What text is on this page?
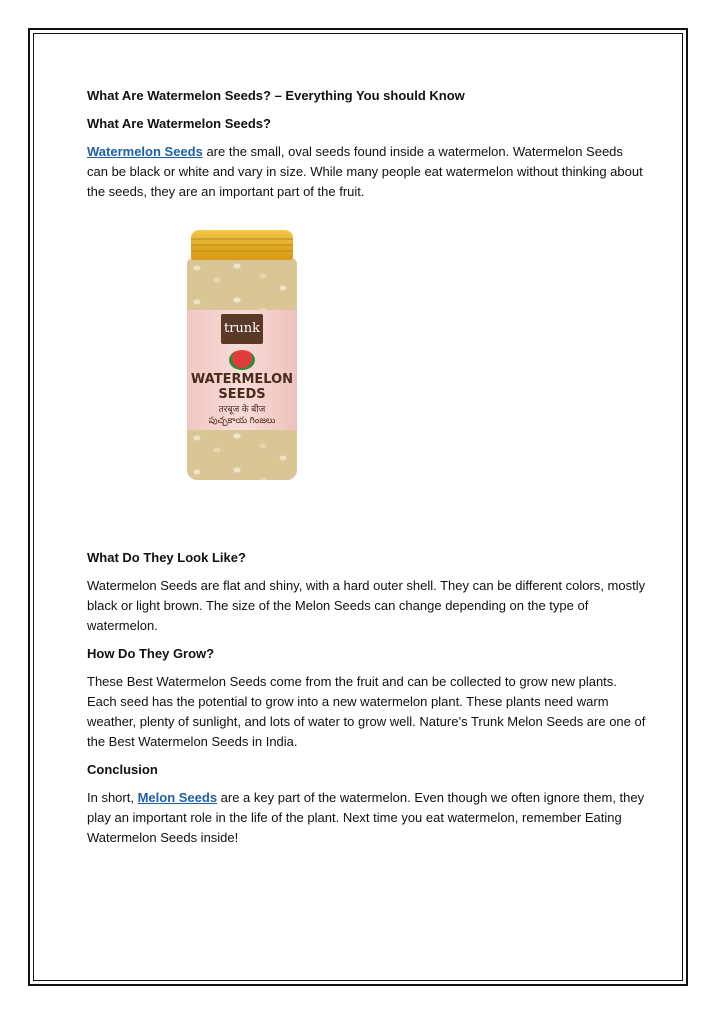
What Are Watermelon Seeds? – Everything You should Know
What Are Watermelon Seeds?

Watermelon Seeds are the small, oval seeds found inside a watermelon. Watermelon Seeds can be black or white and vary in size. While many people eat watermelon without thinking about the seeds, they are an important part of the fruit.

trunk
WATERMELON
SEEDS
तरबूज के बीज
పుచ్చకాయ గింజలు
What Do They Look Like?

Watermelon Seeds are flat and shiny, with a hard outer shell. They can be different colors, mostly black or light brown. The size of the Melon Seeds can change depending on the type of watermelon.

How Do They Grow?

These Best Watermelon Seeds come from the fruit and can be collected to grow new plants. Each seed has the potential to grow into a new watermelon plant. These plants need warm weather, plenty of sunlight, and lots of water to grow well. Nature’s Trunk Melon Seeds are one of the Best Watermelon Seeds in India.

Conclusion

In short, Melon Seeds are a key part of the watermelon. Even though we often ignore them, they play an important role in the life of the plant. Next time you eat watermelon, remember Eating Watermelon Seeds inside!
